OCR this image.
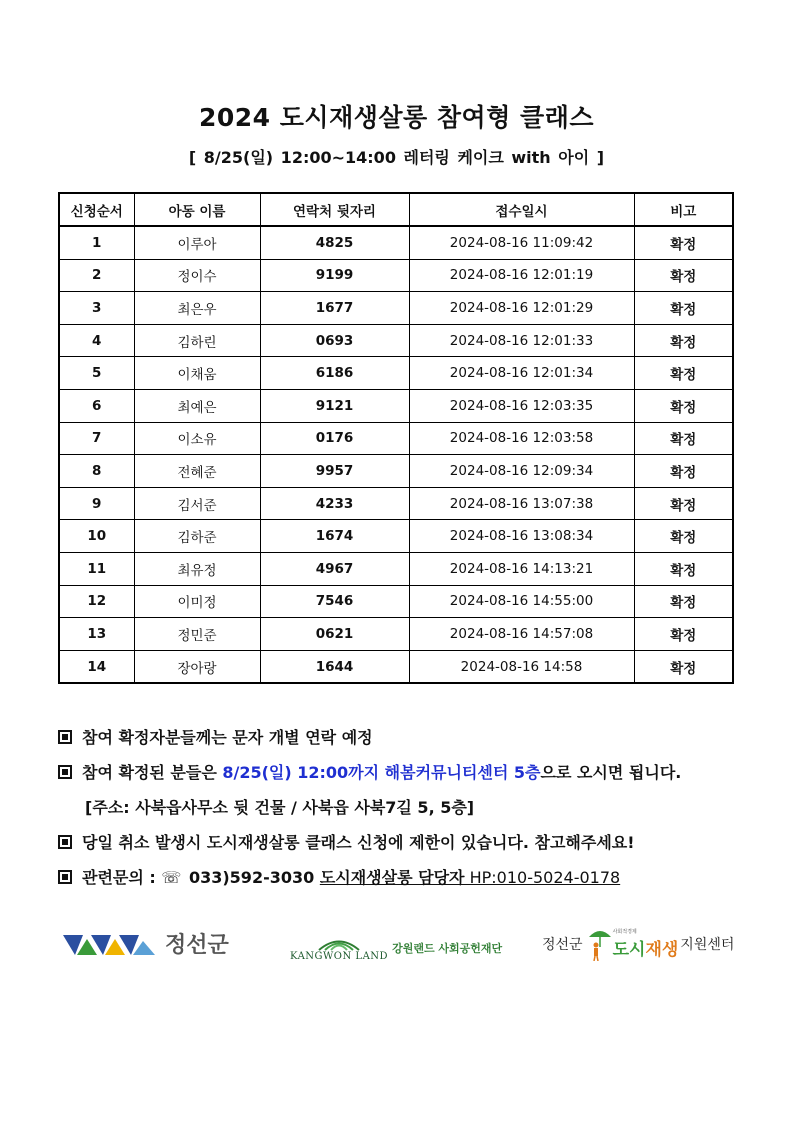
2024 도시재생살롱 참여형 클래스
[ 8/25(일) 12:00~14:00 레터링 케이크 with 아이 ]
신청순서	아동 이름	연락처 뒷자리	접수일시	비고
1	이루아	4825	2024-08-16 11:09:42	확정
2	정이수	9199	2024-08-16 12:01:19	확정
3	최은우	1677	2024-08-16 12:01:29	확정
4	김하린	0693	2024-08-16 12:01:33	확정
5	이채움	6186	2024-08-16 12:01:34	확정
6	최예은	9121	2024-08-16 12:03:35	확정
7	이소유	0176	2024-08-16 12:03:58	확정
8	전혜준	9957	2024-08-16 12:09:34	확정
9	김서준	4233	2024-08-16 13:07:38	확정
10	김하준	1674	2024-08-16 13:08:34	확정
11	최유정	4967	2024-08-16 14:13:21	확정
12	이미정	7546	2024-08-16 14:55:00	확정
13	정민준	0621	2024-08-16 14:57:08	확정
14	장아랑	1644	2024-08-16 14:58	확정
참여 확정자분들께는 문자 개별 연락 예정
참여 확정된 분들은 8/25(일) 12:00까지 해봄커뮤니티센터 5층으로 오시면 됩니다.
[주소: 사북읍사무소 뒷 건물 / 사북읍 사북7길 5, 5층]
당일 취소 발생시 도시재생살롱 클래스 신청에 제한이 있습니다. 참고해주세요!
관련문의 : ☏ 033)592-3030 도시재생살롱 담당자 HP:010-5024-0178
정선군	KANGWON LAND
강원랜드 사회공헌재단	정선군
사회적경제
도시재생 지원센터
